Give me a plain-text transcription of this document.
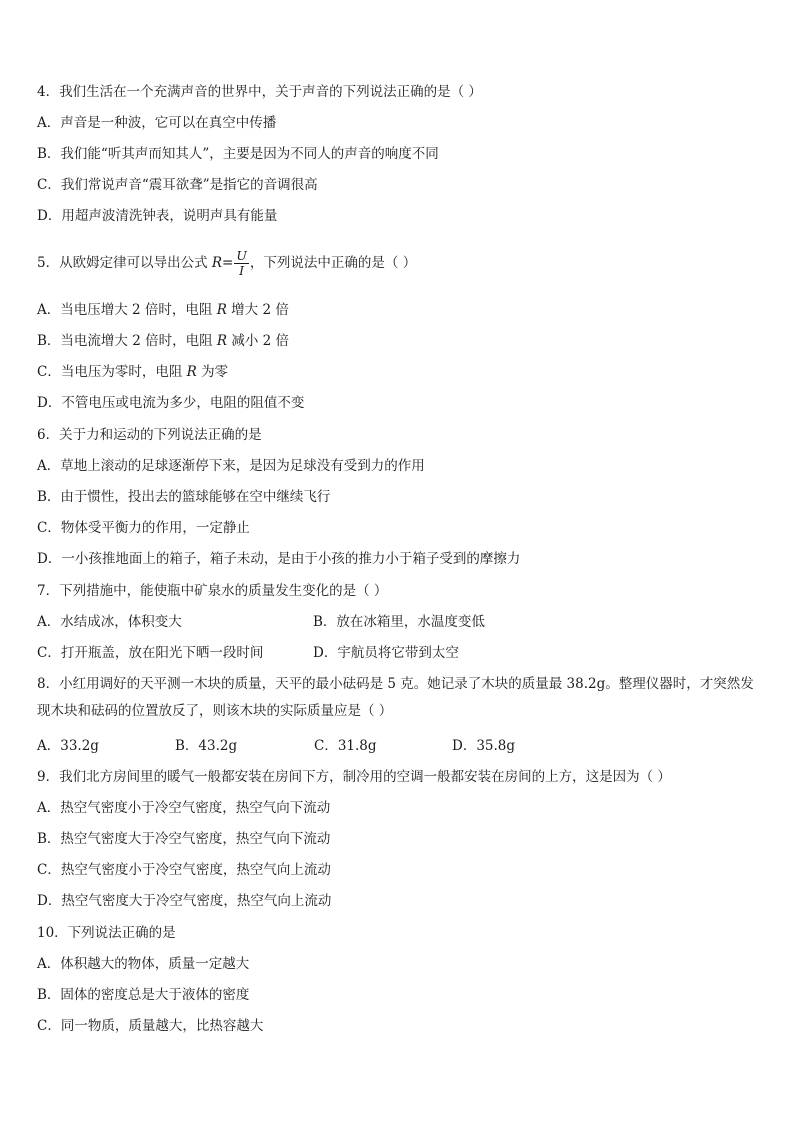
4．我们生活在一个充满声音的世界中，关于声音的下列说法正确的是（ ）
A．声音是一种波，它可以在真空中传播
B．我们能“听其声而知其人”，主要是因为不同人的声音的响度不同
C．我们常说声音“震耳欲聋”是指它的音调很高
D．用超声波清洗钟表，说明声具有能量
5．从欧姆定律可以导出公式 $R= \frac{U}{I}$ ，下列说法中正确的是（ ）
A．当电压增大 2 倍时，电阻 R 增大 2 倍
B．当电流增大 2 倍时，电阻 R 减小 2 倍
C．当电压为零时，电阻 R 为零
D．不管电压或电流为多少，电阻的阻值不变
6．关于力和运动的下列说法正确的是
A．草地上滚动的足球逐渐停下来，是因为足球没有受到力的作用
B．由于惯性，投出去的篮球能够在空中继续飞行
C．物体受平衡力的作用，一定静止
D．一小孩推地面上的箱子，箱子未动，是由于小孩的推力小于箱子受到的摩擦力
7．下列措施中，能使瓶中矿泉水的质量发生变化的是（ ）
A．水结成冰，体积变大	B．放在冰箱里，水温度变低
C．打开瓶盖，放在阳光下晒一段时间	D．宇航员将它带到太空
8．小红用调好的天平测一木块的质量，天平的最小砝码是 5 克。她记录了木块的质量最 38.2g。整理仪器时，才突然发现木块和砝码的位置放反了，则该木块的实际质量应是（ ）
A．33.2g	B．43.2g	C．31.8g	D．35.8g
9．我们北方房间里的暖气一般都安装在房间下方，制冷用的空调一般都安装在房间的上方，这是因为（ ）
A．热空气密度小于冷空气密度，热空气向下流动
B．热空气密度大于冷空气密度，热空气向下流动
C．热空气密度小于冷空气密度，热空气向上流动
D．热空气密度大于冷空气密度，热空气向上流动
10．下列说法正确的是
A．体积越大的物体，质量一定越大
B．固体的密度总是大于液体的密度
C．同一物质，质量越大，比热容越大
